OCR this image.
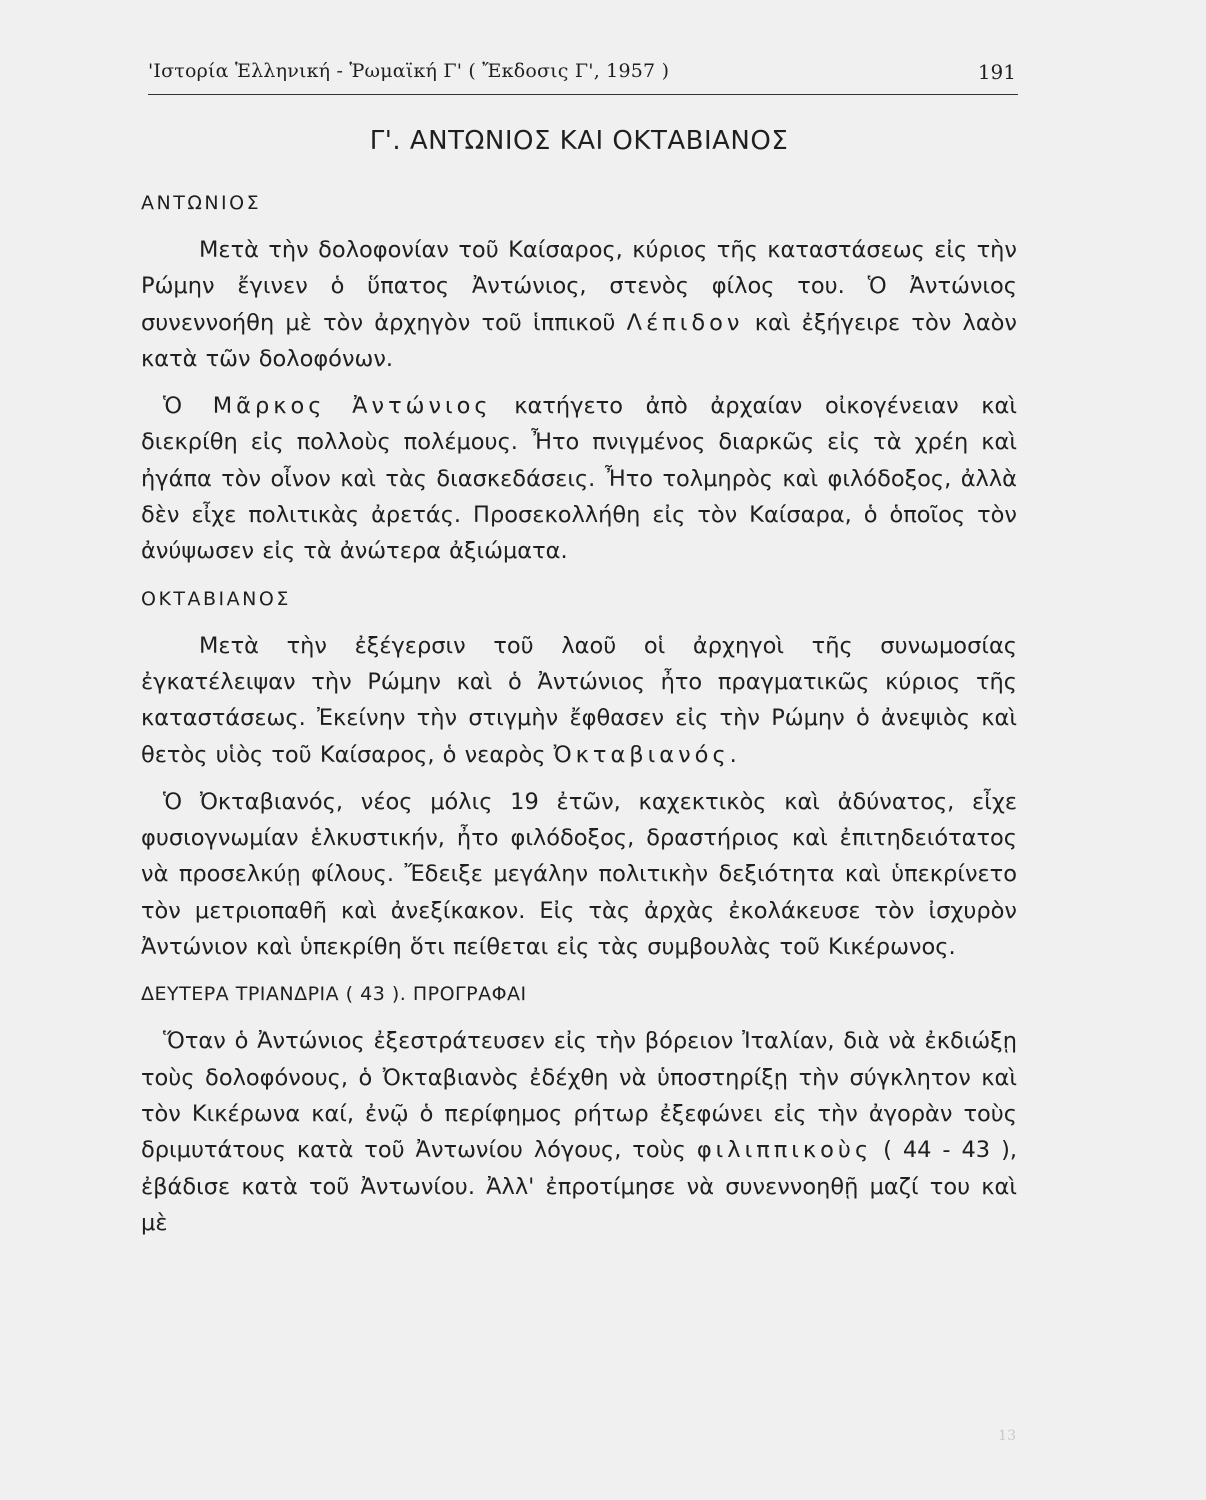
'Ιστορία Ἑλληνική - Ῥωμαϊκή Γ' ( Ἔκδοσις Γ', 1957 )	191
Γ'. ΑΝΤΩΝΙΟΣ ΚΑΙ ΟΚΤΑΒΙΑΝΟΣ
ΑΝΤΩΝΙΟΣ

Μετὰ τὴν δολοφονίαν τοῦ Καίσαρος, κύριος τῆς καταστάσεως εἰς τὴν Ρώμην ἔγινεν ὁ ὕπατος Ἀντώνιος, στενὸς φίλος του. Ὁ Ἀντώνιος συνεννοήθη μὲ τὸν ἀρχηγὸν τοῦ ἱππικοῦ Λέπιδον καὶ ἐξήγειρε τὸν λαὸν κατὰ τῶν δολοφόνων.

Ὁ Μᾶρκος Ἀντώνιος κατήγετο ἀπὸ ἀρχαίαν οἰκογένειαν καὶ διεκρίθη εἰς πολλοὺς πολέμους. Ἦτο πνιγμένος διαρκῶς εἰς τὰ χρέη καὶ ἠγάπα τὸν οἶνον καὶ τὰς διασκεδάσεις. Ἦτο τολμηρὸς καὶ φιλόδοξος, ἀλλὰ δὲν εἶχε πολιτικὰς ἀρετάς. Προσεκολλήθη εἰς τὸν Καίσαρα, ὁ ὁποῖος τὸν ἀνύψωσεν εἰς τὰ ἀνώτερα ἀξιώματα.

ΟΚΤΑΒΙΑΝΟΣ

Μετὰ τὴν ἐξέγερσιν τοῦ λαοῦ οἱ ἀρχηγοὶ τῆς συνωμοσίας ἐγκατέλειψαν τὴν Ρώμην καὶ ὁ Ἀντώνιος ἦτο πραγματικῶς κύριος τῆς καταστάσεως. Ἐκείνην τὴν στιγμὴν ἔφθασεν εἰς τὴν Ρώμην ὁ ἀνεψιὸς καὶ θετὸς υἱὸς τοῦ Καίσαρος, ὁ νεαρὸς Ὀκταβιανός.

Ὁ Ὀκταβιανός, νέος μόλις 19 ἐτῶν, καχεκτικὸς καὶ ἀδύνατος, εἶχε φυσιογνωμίαν ἑλκυστικήν, ἦτο φιλόδοξος, δραστήριος καὶ ἐπιτηδειότατος νὰ προσελκύῃ φίλους. Ἔδειξε μεγάλην πολιτικὴν δεξιότητα καὶ ὑπεκρίνετο τὸν μετριοπαθῆ καὶ ἀνεξίκακον. Εἰς τὰς ἀρχὰς ἐκολάκευσε τὸν ἰσχυρὸν Ἀντώνιον καὶ ὑπεκρίθη ὅτι πείθεται εἰς τὰς συμβουλὰς τοῦ Κικέρωνος.

ΔΕΥΤΕΡΑ ΤΡΙΑΝΔΡΙΑ ( 43 ). ΠΡΟΓΡΑΦΑΙ

Ὅταν ὁ Ἀντώνιος ἐξεστράτευσεν εἰς τὴν βόρειον Ἰταλίαν, διὰ νὰ ἐκδιώξῃ τοὺς δολοφόνους, ὁ Ὀκταβιανὸς ἐδέχθη νὰ ὑποστηρίξῃ τὴν σύγκλητον καὶ τὸν Κικέρωνα καί, ἐνῷ ὁ περίφημος ρήτωρ ἐξεφώνει εἰς τὴν ἀγορὰν τοὺς δριμυτάτους κατὰ τοῦ Ἀντωνίου λόγους, τοὺς φιλιππικοὺς ( 44 - 43 ), ἐβάδισε κατὰ τοῦ Ἀντωνίου. Ἀλλ' ἐπροτίμησε νὰ συνεννοηθῇ μαζί του καὶ μὲ

13
